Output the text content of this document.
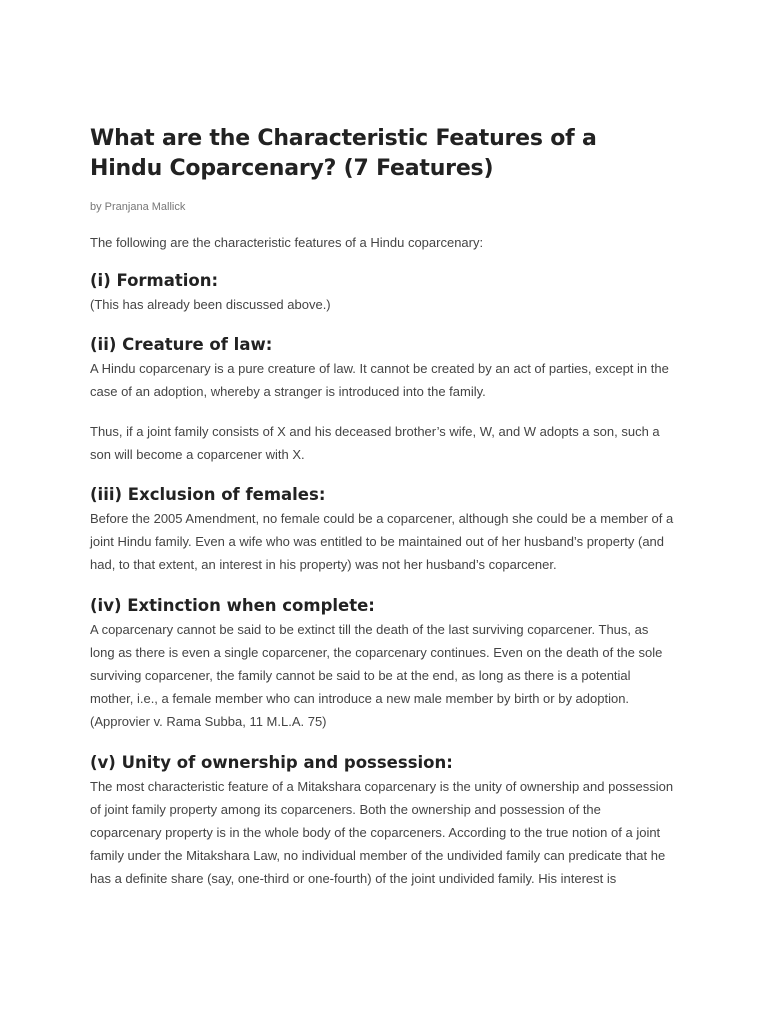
What are the Characteristic Features of a Hindu Coparcenary? (7 Features)
by Pranjana Mallick
The following are the characteristic features of a Hindu coparcenary:
(i) Formation:

(This has already been discussed above.)

(ii) Creature of law:

A Hindu coparcenary is a pure creature of law. It cannot be created by an act of parties, except in the case of an adoption, whereby a stranger is introduced into the family.

Thus, if a joint family consists of X and his deceased brother’s wife, W, and W adopts a son, such a son will become a coparcener with X.

(iii) Exclusion of females:

Before the 2005 Amendment, no female could be a coparcener, although she could be a member of a joint Hindu family. Even a wife who was entitled to be maintained out of her husband’s property (and had, to that extent, an interest in his property) was not her husband’s coparcener.

(iv) Extinction when complete:

A coparcenary cannot be said to be extinct till the death of the last surviving coparcener. Thus, as long as there is even a single coparcener, the coparcenary continues. Even on the death of the sole surviving coparcener, the family cannot be said to be at the end, as long as there is a potential mother, i.e., a female member who can introduce a new male member by birth or by adoption. (Approvier v. Rama Subba, 11 M.L.A. 75)

(v) Unity of ownership and possession:

The most characteristic feature of a Mitakshara coparcenary is the unity of ownership and possession of joint family property among its coparceners. Both the ownership and possession of the coparcenary property is in the whole body of the coparceners. According to the true notion of a joint family under the Mitakshara Law, no individual member of the undivided family can predicate that he has a definite share (say, one-third or one-fourth) of the joint undivided family. His interest is
